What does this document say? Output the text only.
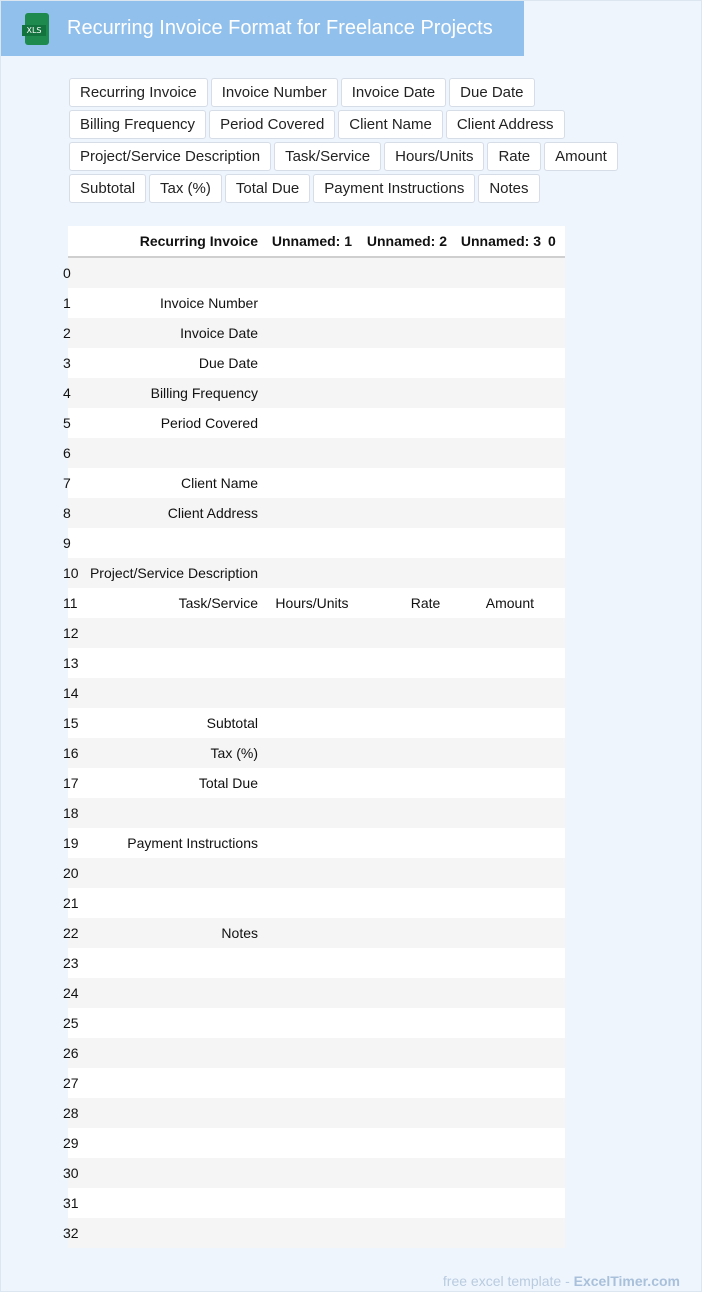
XLS Recurring Invoice Format for Freelance Projects
Recurring Invoice	Invoice Number	Invoice Date	Due Date
Billing Frequency	Period Covered	Client Name	Client Address
Project/Service Description	Task/Service	Hours/Units	Rate	Amount
Subtotal	Tax (%)	Total Due	Payment Instructions	Notes
	Recurring Invoice	Unnamed: 1	Unnamed: 2	Unnamed: 3	0
0					
1	Invoice Number				
2	Invoice Date				
3	Due Date				
4	Billing Frequency				
5	Period Covered				
6					
7	Client Name				
8	Client Address				
9					
10	Project/Service Description				
11	Task/Service	Hours/Units	Rate	Amount	
12					
13					
14					
15	Subtotal				
16	Tax (%)				
17	Total Due				
18					
19	Payment Instructions				
20					
21					
22	Notes				
23					
24					
25					
26					
27					
28					
29					
30					
31					
32					
free excel template - ExcelTimer.com
